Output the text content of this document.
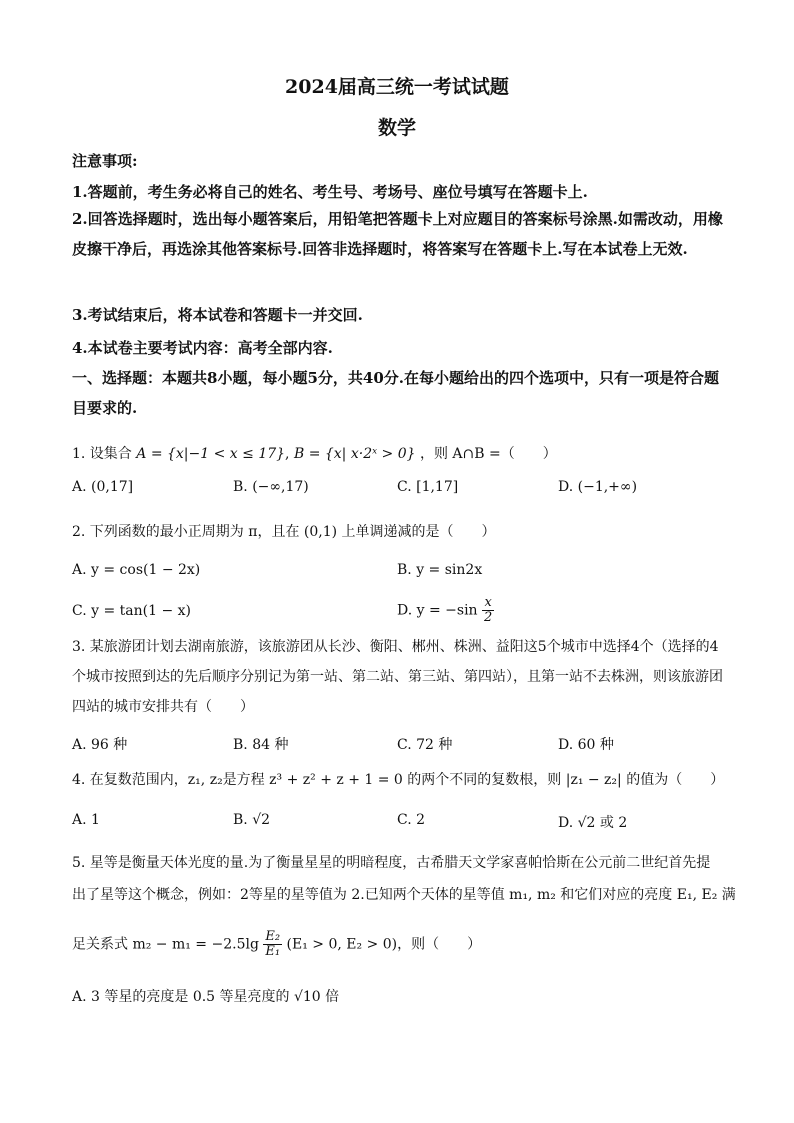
2024届高三统一考试试题
数学
注意事项:
1.答题前，考生务必将自己的姓名、考生号、考场号、座位号填写在答题卡上.
2.回答选择题时，选出每小题答案后，用铅笔把答题卡上对应题目的答案标号涂黑.如需改动，用橡皮擦干净后，再选涂其他答案标号.回答非选择题时，将答案写在答题卡上.写在本试卷上无效.
3.考试结束后，将本试卷和答题卡一并交回.
4.本试卷主要考试内容：高考全部内容.
一、选择题：本题共8小题，每小题5分，共40分.在每小题给出的四个选项中，只有一项是符合题目要求的.
1. 设集合 A = {x|−1 < x ≤ 17}, B = {x| x·2ˣ > 0} ，则 A∩B =（　　）
A. (0,17]	B. (−∞,17)	C. [1,17]	D. (−1,+∞)
2. 下列函数的最小正周期为 π，且在 (0,1) 上单调递减的是（　　）
A. y = cos(1 − 2x)	B. y = sin2x
C. y = tan(1 − x)	D. $y = -\sin \frac{x}{2}$
3. 某旅游团计划去湖南旅游，该旅游团从长沙、衡阳、郴州、株洲、益阳这5个城市中选择4个（选择的4个城市按照到达的先后顺序分别记为第一站、第二站、第三站、第四站），且第一站不去株洲，则该旅游团四站的城市安排共有（　　）
A. 96 种	B. 84 种	C. 72 种	D. 60 种
4. 在复数范围内，z₁, z₂是方程 z³ + z² + z + 1 = 0 的两个不同的复数根，则 |z₁ − z₂| 的值为（　　）
A. 1	B. √2	C. 2	D. √2 或 2
5. 星等是衡量天体光度的量.为了衡量星星的明暗程度，古希腊天文学家喜帕恰斯在公元前二世纪首先提
出了星等这个概念，例如：2等星的星等值为 2.已知两个天体的星等值 m₁, m₂ 和它们对应的亮度 E₁, E₂ 满
足关系式 $m_2 - m_1 = -2.5\lg \frac{\text{E₂}}{\text{E₁}} (E_1 > 0$, E₂ > 0)，则（　　）
A. 3 等星的亮度是 0.5 等星亮度的 √10 倍
